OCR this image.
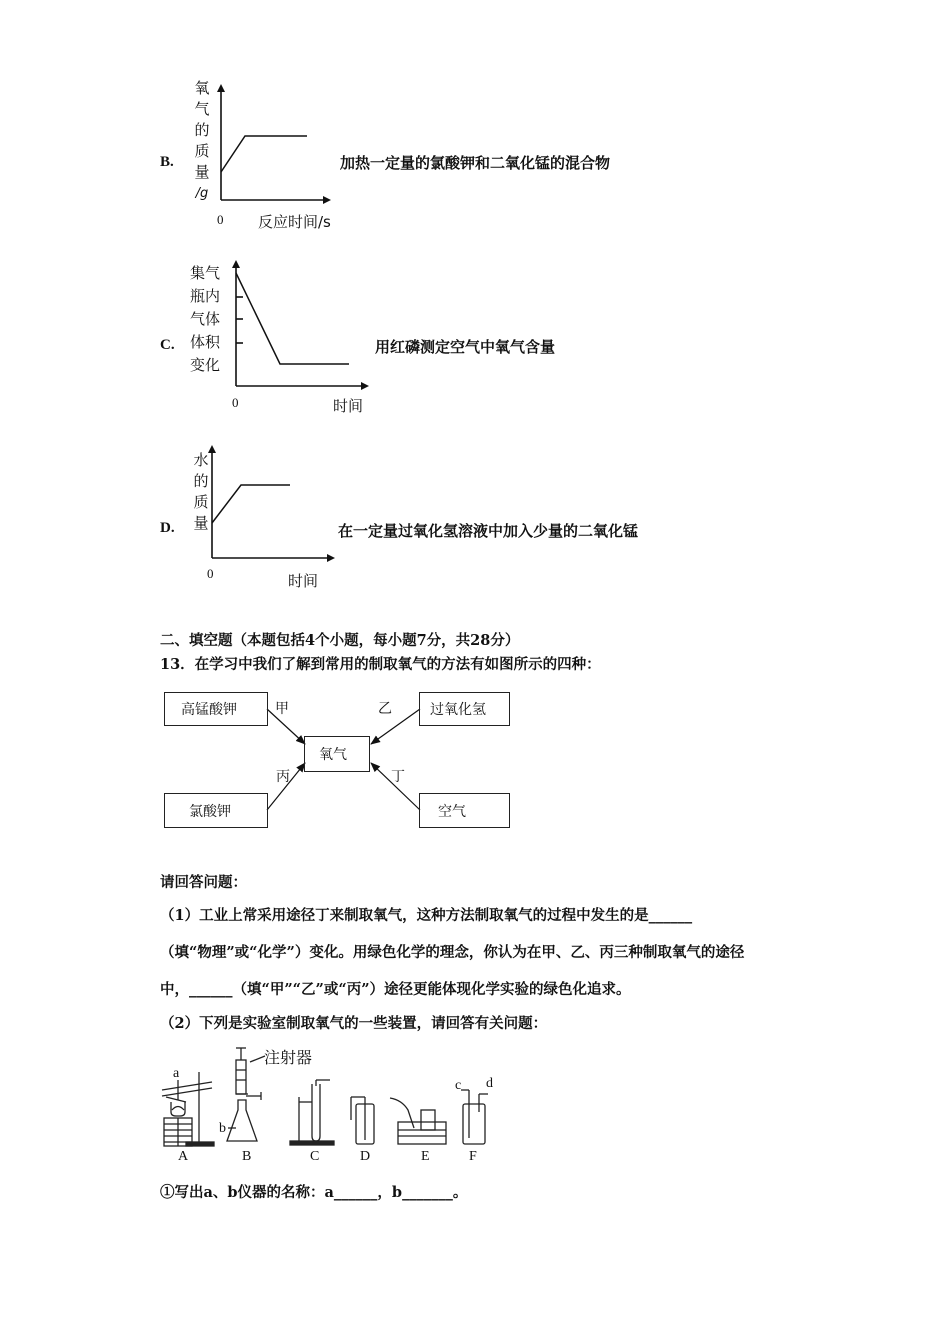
B.
氧
气
的
质
量
/g
0 反应时间/s
加热一定量的氯酸钾和二氧化锰的混合物
C.
集气
瓶内
气体
体积
变化
0	时间
用红磷测定空气中氧气含量
D.
水
的
质
量
0	时间
在一定量过氧化氢溶液中加入少量的二氧化锰
二、填空题（本题包括4个小题，每小题7分，共28分）
13．在学习中我们了解到常用的制取氧气的方法有如图所示的四种：
高锰酸钾	过氧化氢
氧气
氯酸钾	空气
甲	乙
丙	丁
请回答问题：
（1）工业上常采用途径丁来制取氧气，这种方法制取氧气的过程中发生的是______
（填“物理”或“化学”）变化。用绿色化学的理念，你认为在甲、乙、丙三种制取氧气的途径
中，______（填“甲”“乙”或“丙”）途径更能体现化学实验的绿色化追求。
（2）下列是实验室制取氧气的一些装置，请回答有关问题：
注射器
a
b
c d
A	B	C	D	E	F
①写出a、b仪器的名称：a______，b_______。
